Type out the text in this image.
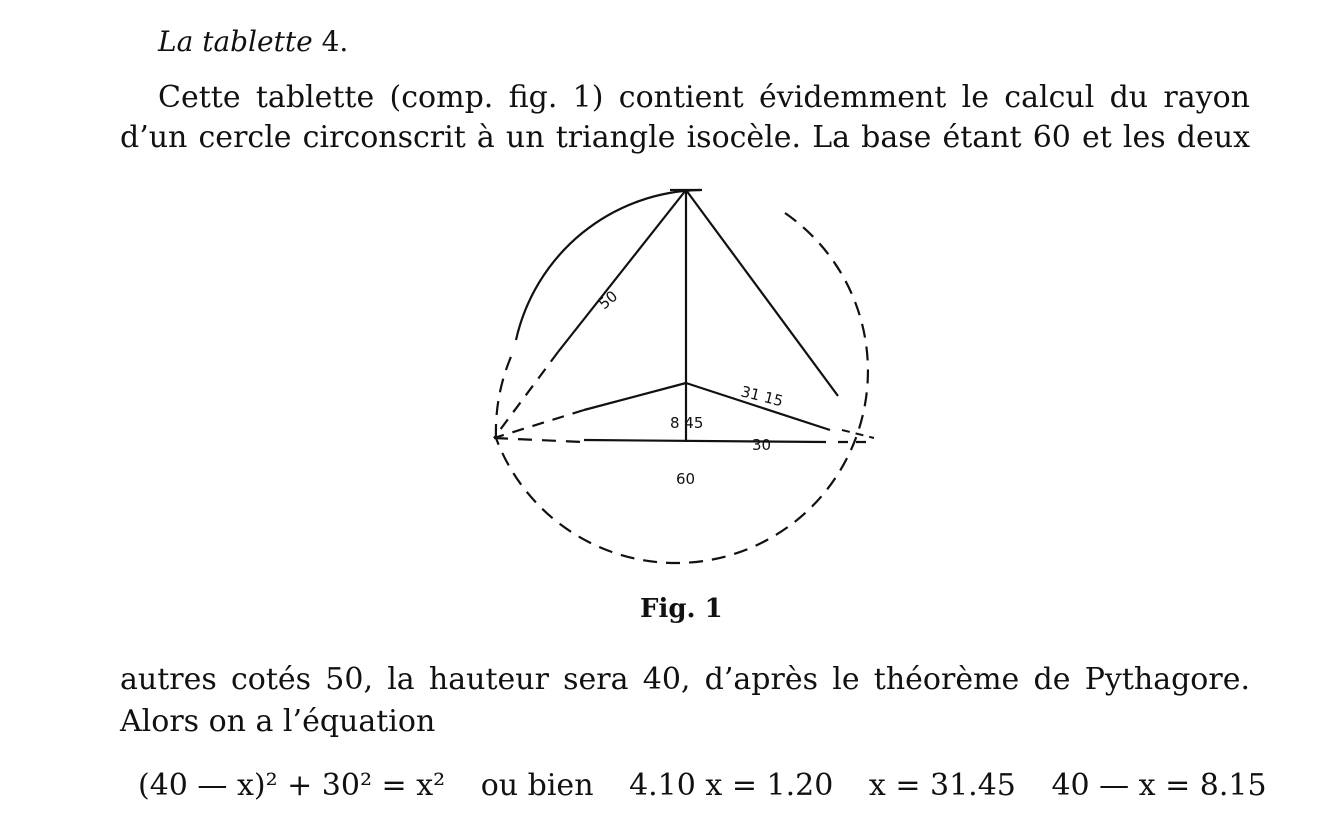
La tablette 4.
Cette tablette (comp. fig. 1) contient évidemment le calcul du rayon
d’un cercle circonscrit à un triangle isocèle. La base étant 60 et les deux
50
31 15
8 45
30
60
Fig. 1
autres cotés 50, la hauteur sera 40, d’après le théorème de Pythagore.
Alors on a l’équation
(40 — x)² + 30² = x² ou bien 4.10 x = 1.20 x = 31.45 40 — x = 8.15
